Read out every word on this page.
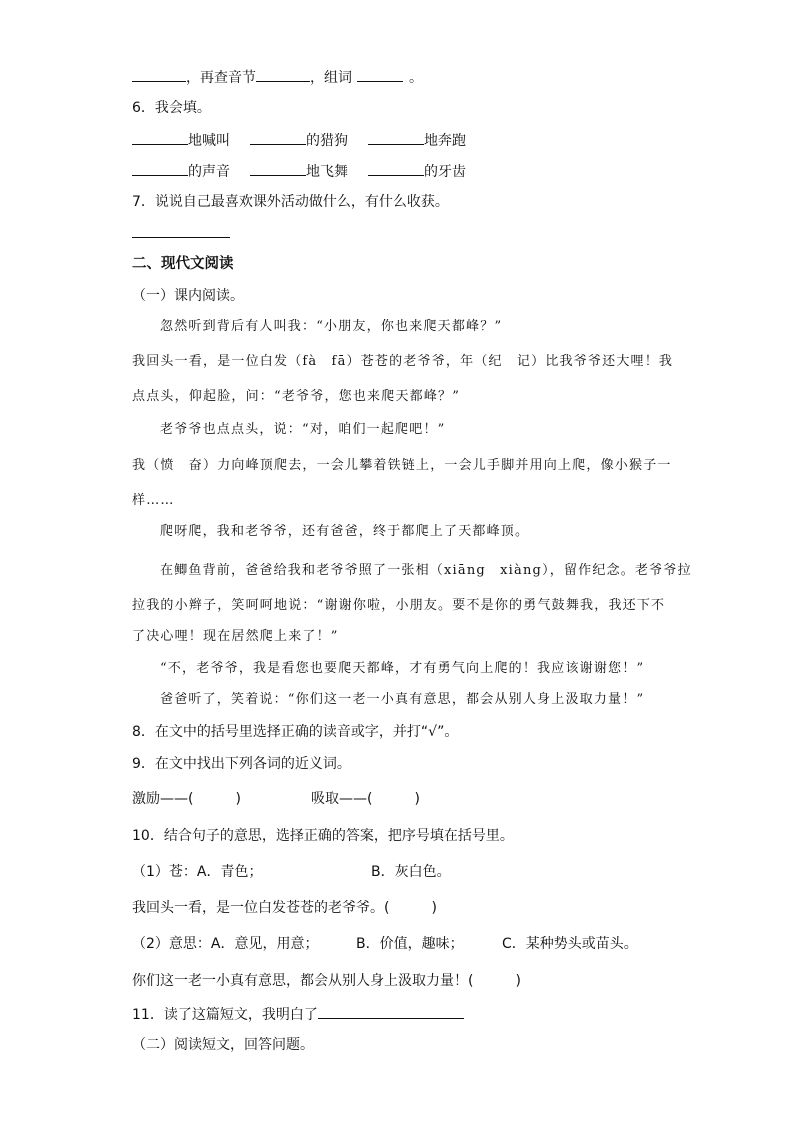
，再查音节	，组词	。
6．我会填。
地喊叫	的猎狗	地奔跑
的声音	地飞舞	的牙齿
7．说说自己最喜欢课外活动做什么，有什么收获。
二、现代文阅读
（一）课内阅读。
忽然听到背后有人叫我：“小朋友，你也来爬天都峰？”
我回头一看，是一位白发（fà　fā）苍苍的老爷爷，年（纪　记）比我爷爷还大哩！我
点点头，仰起脸，问：“老爷爷，您也来爬天都峰？”
老爷爷也点点头，说：“对，咱们一起爬吧！”
我（愤　奋）力向峰顶爬去，一会儿攀着铁链上，一会儿手脚并用向上爬，像小猴子一
样……
爬呀爬，我和老爷爷，还有爸爸，终于都爬上了天都峰顶。
在鲫鱼背前，爸爸给我和老爷爷照了一张相（xiāng　xiàng），留作纪念。老爷爷拉
拉我的小辫子，笑呵呵地说：“谢谢你啦，小朋友。要不是你的勇气鼓舞我，我还下不
了决心哩！现在居然爬上来了！”
“不，老爷爷，我是看您也要爬天都峰，才有勇气向上爬的！我应该谢谢您！”
爸爸听了，笑着说：“你们这一老一小真有意思，都会从别人身上汲取力量！”
8．在文中的括号里选择正确的读音或字，并打“√”。
9．在文中找出下列各词的近义词。
激励——(　　　)	吸取——(　　　)
10．结合句子的意思，选择正确的答案，把序号填在括号里。
（1）苍：A．青色；	B．灰白色。
我回头一看，是一位白发苍苍的老爷爷。(　　　)
（2）意思：A．意见，用意；	B．价值，趣味；	C．某种势头或苗头。
你们这一老一小真有意思，都会从别人身上汲取力量！(　　　)
11．读了这篇短文，我明白了
（二）阅读短文，回答问题。
